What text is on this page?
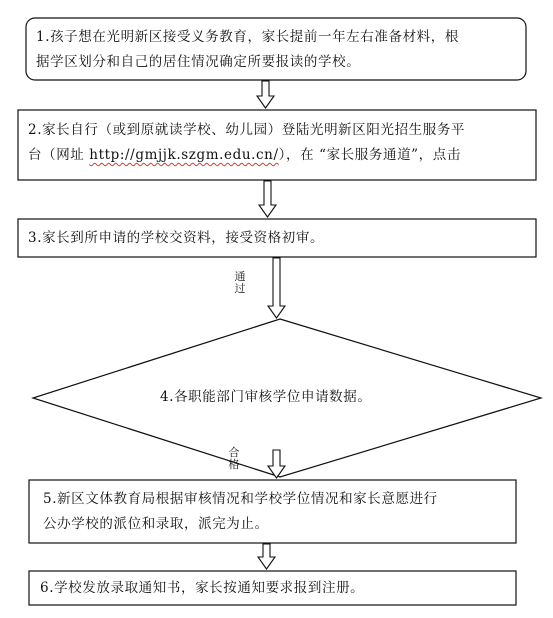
1.孩子想在光明新区接受义务教育，家长提前一年左右准备材料，根
据学区划分和自己的居住情况确定所要报读的学校。
2.家长自行（或到原就读学校、幼儿园）登陆光明新区阳光招生服务平
台（网址 http://gmjjk.szgm.edu.cn/），在 “家长服务通道”，点击
3.家长到所申请的学校交资料，接受资格初审。
通过
4.各职能部门审核学位申请数据。
合格
5.新区文体教育局根据审核情况和学校学位情况和家长意愿进行
公办学校的派位和录取，派完为止。
6.学校发放录取通知书，家长按通知要求报到注册。
